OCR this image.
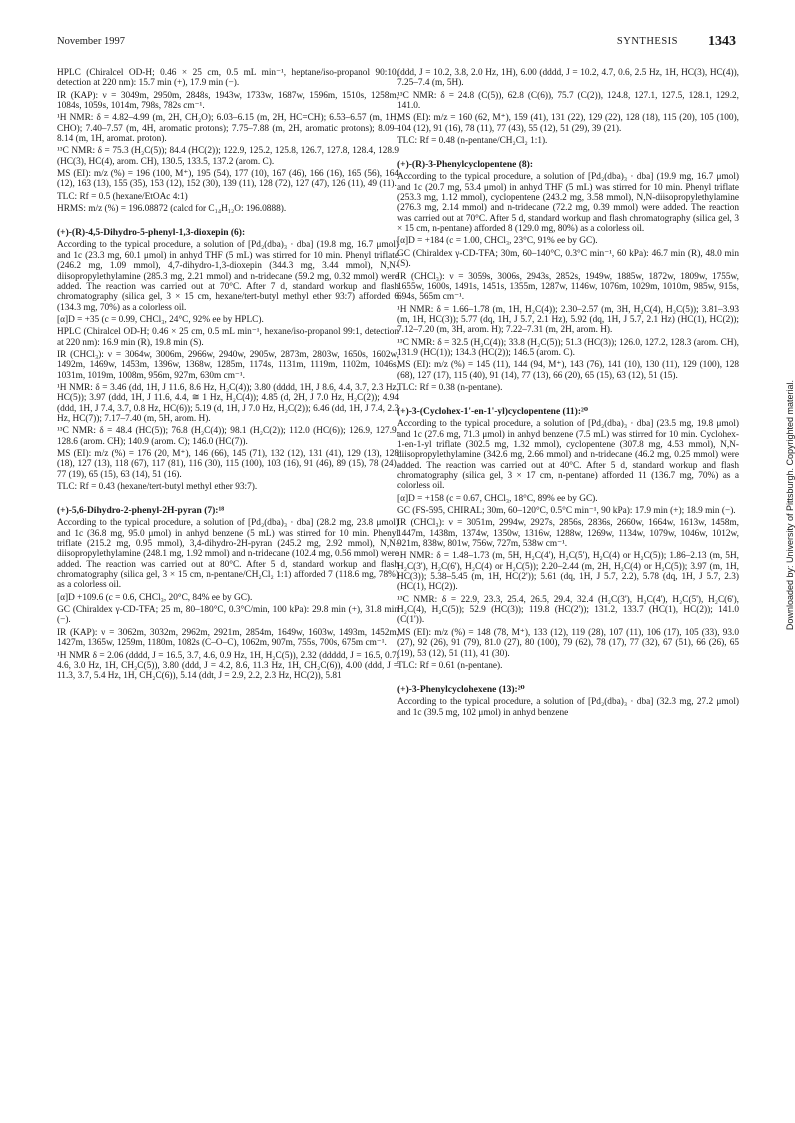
November 1997	SYNTHESIS 1343

HPLC (Chiralcel OD-H; 0.46 × 25 cm, 0.5 mL min⁻¹, heptane/iso-propanol 90:10, detection at 220 nm): 15.7 min (+), 17.9 min (−).

IR (KAP): ν = 3049m, 2950m, 2848s, 1943w, 1733w, 1687w, 1596m, 1510s, 1258m, 1084s, 1059s, 1014m, 798s, 782s cm⁻¹.

¹H NMR: δ = 4.82–4.99 (m, 2H, CH₂O); 6.03–6.15 (m, 2H, HC=CH); 6.53–6.57 (m, 1H, CHO); 7.40–7.57 (m, 4H, aromatic protons); 7.75–7.88 (m, 2H, aromatic protons); 8.09–8.14 (m, 1H, aromat. proton).

¹³C NMR: δ = 75.3 (H₂C(5)); 84.4 (HC(2)); 122.9, 125.2, 125.8, 126.7, 127.8, 128.4, 128.9 (HC(3), HC(4), arom. CH), 130.5, 133.5, 137.2 (arom. C).

MS (EI): m/z (%) = 196 (100, M⁺), 195 (54), 177 (10), 167 (46), 166 (16), 165 (56), 164 (12), 163 (13), 155 (35), 153 (12), 152 (30), 139 (11), 128 (72), 127 (47), 126 (11), 49 (11).

TLC: Rf = 0.5 (hexane/EtOAc 4:1)

HRMS: m/z (%) = 196.08872 (calcd for C₁₄H₁₂O: 196.0888).

(+)-(R)-4,5-Dihydro-5-phenyl-1,3-dioxepin (6):

According to the typical procedure, a solution of [Pd₂(dba)₃ · dba] (19.8 mg, 16.7 μmol) and 1c (23.3 mg, 60.1 μmol) in anhyd THF (5 mL) was stirred for 10 min. Phenyl triflate (246.2 mg, 1.09 mmol), 4,7-dihydro-1,3-dioxepin (344.3 mg, 3.44 mmol), N,N-diisopropylethylamine (285.3 mg, 2.21 mmol) and n-tridecane (59.2 mg, 0.32 mmol) were added. The reaction was carried out at 70°C. After 7 d, standard workup and flash chromatography (silica gel, 3 × 15 cm, hexane/tert-butyl methyl ether 93:7) afforded 6 (134.3 mg, 70%) as a colorless oil.

[α]D = +35 (c = 0.99, CHCl₃, 24°C, 92% ee by HPLC).

HPLC (Chiralcel OD-H; 0.46 × 25 cm, 0.5 mL min⁻¹, hexane/iso-propanol 99:1, detection at 220 nm): 16.9 min (R), 19.8 min (S).

IR (CHCl₃): ν = 3064w, 3006m, 2966w, 2940w, 2905w, 2873m, 2803w, 1650s, 1602w, 1492m, 1469w, 1453m, 1396w, 1368w, 1285m, 1174s, 1131m, 1119m, 1102m, 1046s, 1031m, 1019m, 1008m, 956m, 927m, 630m cm⁻¹.

¹H NMR: δ = 3.46 (dd, 1H, J 11.6, 8.6 Hz, H₂C(4)); 3.80 (dddd, 1H, J 8.6, 4.4, 3.7, 2.3 Hz, HC(5)); 3.97 (ddd, 1H, J 11.6, 4.4, ≅ 1 Hz, H₂C(4)); 4.85 (d, 2H, J 7.0 Hz, H₂C(2)); 4.94 (ddd, 1H, J 7.4, 3.7, 0.8 Hz, HC(6)); 5.19 (d, 1H, J 7.0 Hz, H₂C(2)); 6.46 (dd, 1H, J 7.4, 2.3 Hz, HC(7)); 7.17–7.40 (m, 5H, arom. H).

¹³C NMR: δ = 48.4 (HC(5)); 76.8 (H₂C(4)); 98.1 (H₂C(2)); 112.0 (HC(6)); 126.9, 127.9, 128.6 (arom. CH); 140.9 (arom. C); 146.0 (HC(7)).

MS (EI): m/z (%) = 176 (20, M⁺), 146 (66), 145 (71), 132 (12), 131 (41), 129 (13), 128 (18), 127 (13), 118 (67), 117 (81), 116 (30), 115 (100), 103 (16), 91 (46), 89 (15), 78 (24), 77 (19), 65 (15), 63 (14), 51 (16).

TLC: Rf = 0.43 (hexane/tert-butyl methyl ether 93:7).

(+)-5,6-Dihydro-2-phenyl-2H-pyran (7):¹⁸

According to the typical procedure, a solution of [Pd₂(dba)₃ · dba] (28.2 mg, 23.8 μmol) and 1c (36.8 mg, 95.0 μmol) in anhyd benzene (5 mL) was stirred for 10 min. Phenyl triflate (215.2 mg, 0.95 mmol), 3,4-dihydro-2H-pyran (245.2 mg, 2.92 mmol), N,N-diisopropylethylamine (248.1 mg, 1.92 mmol) and n-tridecane (102.4 mg, 0.56 mmol) were added. The reaction was carried out at 80°C. After 5 d, standard workup and flash chromatography (silica gel, 3 × 15 cm, n-pentane/CH₂Cl₂ 1:1) afforded 7 (118.6 mg, 78%) as a colorless oil.

[α]D +109.6 (c = 0.6, CHCl₃, 20°C, 84% ee by GC).

GC (Chiraldex γ-CD-TFA; 25 m, 80–180°C, 0.3°C/min, 100 kPa): 29.8 min (+), 31.8 min (−).

IR (KAP): ν = 3062m, 3032m, 2962m, 2921m, 2854m, 1649w, 1603w, 1493m, 1452m, 1427m, 1365w, 1259m, 1180m, 1082s (C–O–C), 1062m, 907m, 755s, 700s, 675m cm⁻¹.

¹H NMR δ = 2.06 (dddd, J = 16.5, 3.7, 4.6, 0.9 Hz, 1H, H₂C(5)), 2.32 (ddddd, J = 16.5, 0.7, 4.6, 3.0 Hz, 1H, CH₂C(5)), 3.80 (ddd, J = 4.2, 8.6, 11.3 Hz, 1H, CH₂C(6)), 4.00 (ddd, J = 11.3, 3.7, 5.4 Hz, 1H, CH₂C(6)), 5.14 (ddt, J = 2.9, 2.2, 2.3 Hz, HC(2)), 5.81

(ddd, J = 10.2, 3.8, 2.0 Hz, 1H), 6.00 (dddd, J = 10.2, 4.7, 0.6, 2.5 Hz, 1H, HC(3), HC(4)), 7.25–7.4 (m, 5H).

¹³C NMR: δ = 24.8 (C(5)), 62.8 (C(6)), 75.7 (C(2)), 124.8, 127.1, 127.5, 128.1, 129.2, 141.0.

MS (EI): m/z = 160 (62, M⁺), 159 (41), 131 (22), 129 (22), 128 (18), 115 (20), 105 (100), 104 (12), 91 (16), 78 (11), 77 (43), 55 (12), 51 (29), 39 (21).

TLC: Rf = 0.48 (n-pentane/CH₂Cl₂ 1:1).

(+)-(R)-3-Phenylcyclopentene (8):

According to the typical procedure, a solution of [Pd₂(dba)₃ · dba] (19.9 mg, 16.7 μmol) and 1c (20.7 mg, 53.4 μmol) in anhyd THF (5 mL) was stirred for 10 min. Phenyl triflate (253.3 mg, 1.12 mmol), cyclopentene (243.2 mg, 3.58 mmol), N,N-diisopropylethylamine (276.3 mg, 2.14 mmol) and n-tridecane (72.2 mg, 0.39 mmol) were added. The reaction was carried out at 70°C. After 5 d, standard workup and flash chromatography (silica gel, 3 × 15 cm, n-pentane) afforded 8 (129.0 mg, 80%) as a colorless oil.

[α]D = +184 (c = 1.00, CHCl₃, 23°C, 91% ee by GC).

GC (Chiraldex γ-CD-TFA; 30m, 60–140°C, 0.3°C min⁻¹, 60 kPa): 46.7 min (R), 48.0 min (S).

IR (CHCl₃): ν = 3059s, 3006s, 2943s, 2852s, 1949w, 1885w, 1872w, 1809w, 1755w, 1655w, 1600s, 1491s, 1451s, 1355m, 1287w, 1146w, 1076m, 1029m, 1010m, 985w, 915s, 694s, 565m cm⁻¹.

¹H NMR: δ = 1.66–1.78 (m, 1H, H₂C(4)); 2.30–2.57 (m, 3H, H₂C(4), H₂C(5)); 3.81–3.93 (m, 1H, HC(3)); 5.77 (dq, 1H, J 5.7, 2.1 Hz), 5.92 (dq, 1H, J 5.7, 2.1 Hz) (HC(1), HC(2)); 7.12–7.20 (m, 3H, arom. H); 7.22–7.31 (m, 2H, arom. H).

¹³C NMR: δ = 32.5 (H₂C(4)); 33.8 (H₂C(5)); 51.3 (HC(3)); 126.0, 127.2, 128.3 (arom. CH), 131.9 (HC(1)); 134.3 (HC(2)); 146.5 (arom. C).

MS (EI): m/z (%) = 145 (11), 144 (94, M⁺), 143 (76), 141 (10), 130 (11), 129 (100), 128 (68), 127 (17), 115 (40), 91 (14), 77 (13), 66 (20), 65 (15), 63 (12), 51 (15).

TLC: Rf = 0.38 (n-pentane).

(+)-3-(Cyclohex-1'-en-1'-yl)cyclopentene (11):²⁰

According to the typical procedure, a solution of [Pd₂(dba)₃ · dba] (23.5 mg, 19.8 μmol) and 1c (27.6 mg, 71.3 μmol) in anhyd benzene (7.5 mL) was stirred for 10 min. Cyclohex-1-en-1-yl triflate (302.5 mg, 1.32 mmol), cyclopentene (307.8 mg, 4.53 mmol), N,N-diisopropylethylamine (342.6 mg, 2.66 mmol) and n-tridecane (46.2 mg, 0.25 mmol) were added. The reaction was carried out at 40°C. After 5 d, standard workup and flash chromatography (silica gel, 3 × 17 cm, n-pentane) afforded 11 (136.7 mg, 70%) as a colorless oil.

[α]D = +158 (c = 0.67, CHCl₃, 18°C, 89% ee by GC).

GC (FS-595, CHIRAL; 30m, 60–120°C, 0.5°C min⁻¹, 90 kPa): 17.9 min (+); 18.9 min (−).

IR (CHCl₃): ν = 3051m, 2994w, 2927s, 2856s, 2836s, 2660w, 1664w, 1613w, 1458m, 1447m, 1438m, 1374w, 1350w, 1316w, 1288w, 1269w, 1134w, 1079w, 1046w, 1012w, 921m, 838w, 801w, 756w, 727m, 538w cm⁻¹.

¹H NMR: δ = 1.48–1.73 (m, 5H, H₂C(4'), H₂C(5'), H₂C(4) or H₂C(5)); 1.86–2.13 (m, 5H, H₂C(3'), H₂C(6'), H₂C(4) or H₂C(5)); 2.20–2.44 (m, 2H, H₂C(4) or H₂C(5)); 3.97 (m, 1H, HC(3)); 5.38–5.45 (m, 1H, HC(2')); 5.61 (dq, 1H, J 5.7, 2.2), 5.78 (dq, 1H, J 5.7, 2.3) (HC(1), HC(2)).

¹³C NMR: δ = 22.9, 23.3, 25.4, 26.5, 29.4, 32.4 (H₂C(3'), H₂C(4'), H₂C(5'), H₂C(6'), H₂C(4), H₂C(5)); 52.9 (HC(3)); 119.8 (HC(2')); 131.2, 133.7 (HC(1), HC(2)); 141.0 (C(1')).

MS (EI): m/z (%) = 148 (78, M⁺), 133 (12), 119 (28), 107 (11), 106 (17), 105 (33), 93.0 (27), 92 (26), 91 (79), 81.0 (27), 80 (100), 79 (62), 78 (17), 77 (32), 67 (51), 66 (26), 65 (19), 53 (12), 51 (11), 41 (30).

TLC: Rf = 0.61 (n-pentane).

(+)-3-Phenylcyclohexene (13):²⁰

According to the typical procedure, a solution of [Pd₂(dba)₃ · dba] (32.3 mg, 27.2 μmol) and 1c (39.5 mg, 102 μmol) in anhyd benzene

Downloaded by: University of Pittsburgh. Copyrighted material.
